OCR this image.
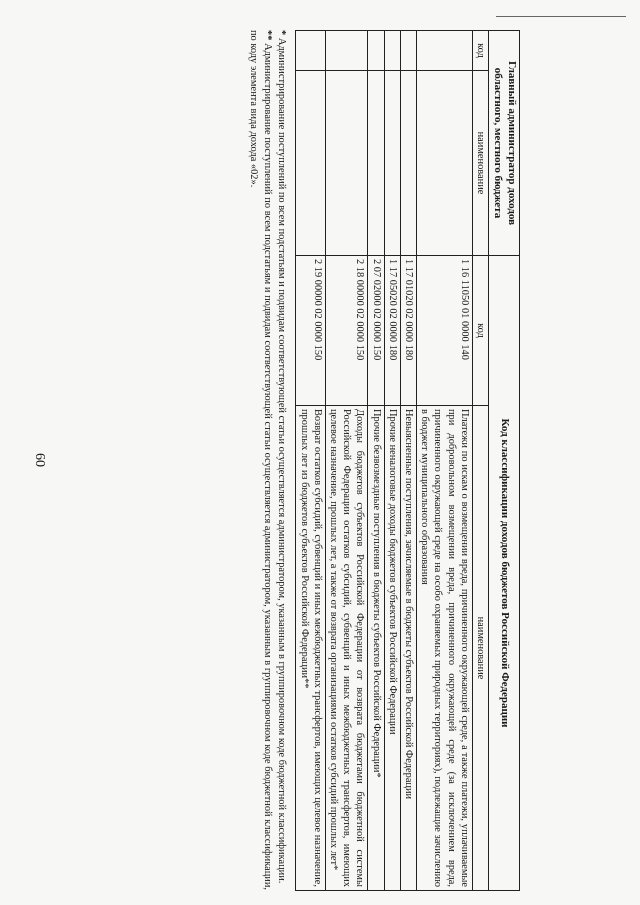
60
Главный администратор доходов областного, местного бюджета		Код классификации доходов бюджетов Российской Федерации	
код	наименование	код	наименование
		1 16 11050 01 0000 140	Платежи по искам о возмещении вреда, причиненного окружающей среде, а также платежи, уплачиваемые при добровольном возмещении вреда, причиненного окружающей среде (за исключением вреда, причиненного окружающей среде на особо охраняемых природных территориях), подлежащие зачислению в бюджет муниципального образования
		1 17 01020 02 0000 180	Невыясненные поступления, зачисляемые в бюджеты субъектов Российской Федерации
		1 17 05020 02 0000 180	Прочие неналоговые доходы бюджетов субъектов Российской Федерации
		2 07 02000 02 0000 150	Прочие безвозмездные поступления в бюджеты субъектов Российской Федерации*
		2 18 00000 02 0000 150	Доходы бюджетов субъектов Российской Федерации от возврата бюджетами бюджетной системы Российской Федерации остатков субсидий, субвенций и иных межбюджетных трансфертов, имеющих целевое назначение, прошлых лет, а также от возврата организациями остатков субсидий прошлых лет*
		2 19 00000 02 0000 150	Возврат остатков субсидий, субвенций и иных межбюджетных трансфертов, имеющих целевое назначение, прошлых лет из бюджетов субъектов Российской Федерации**

* Администрирование поступлений по всем подстатьям и подвидам соответствующей статьи осуществляется администратором, указанным в группировочном коде бюджетной классификации.

** Администрирование поступлений по всем подстатьям и подвидам соответствующей статьи осуществляется администратором, указанным в группировочном коде бюджетной классификации, по коду элемента вида дохода «02».
